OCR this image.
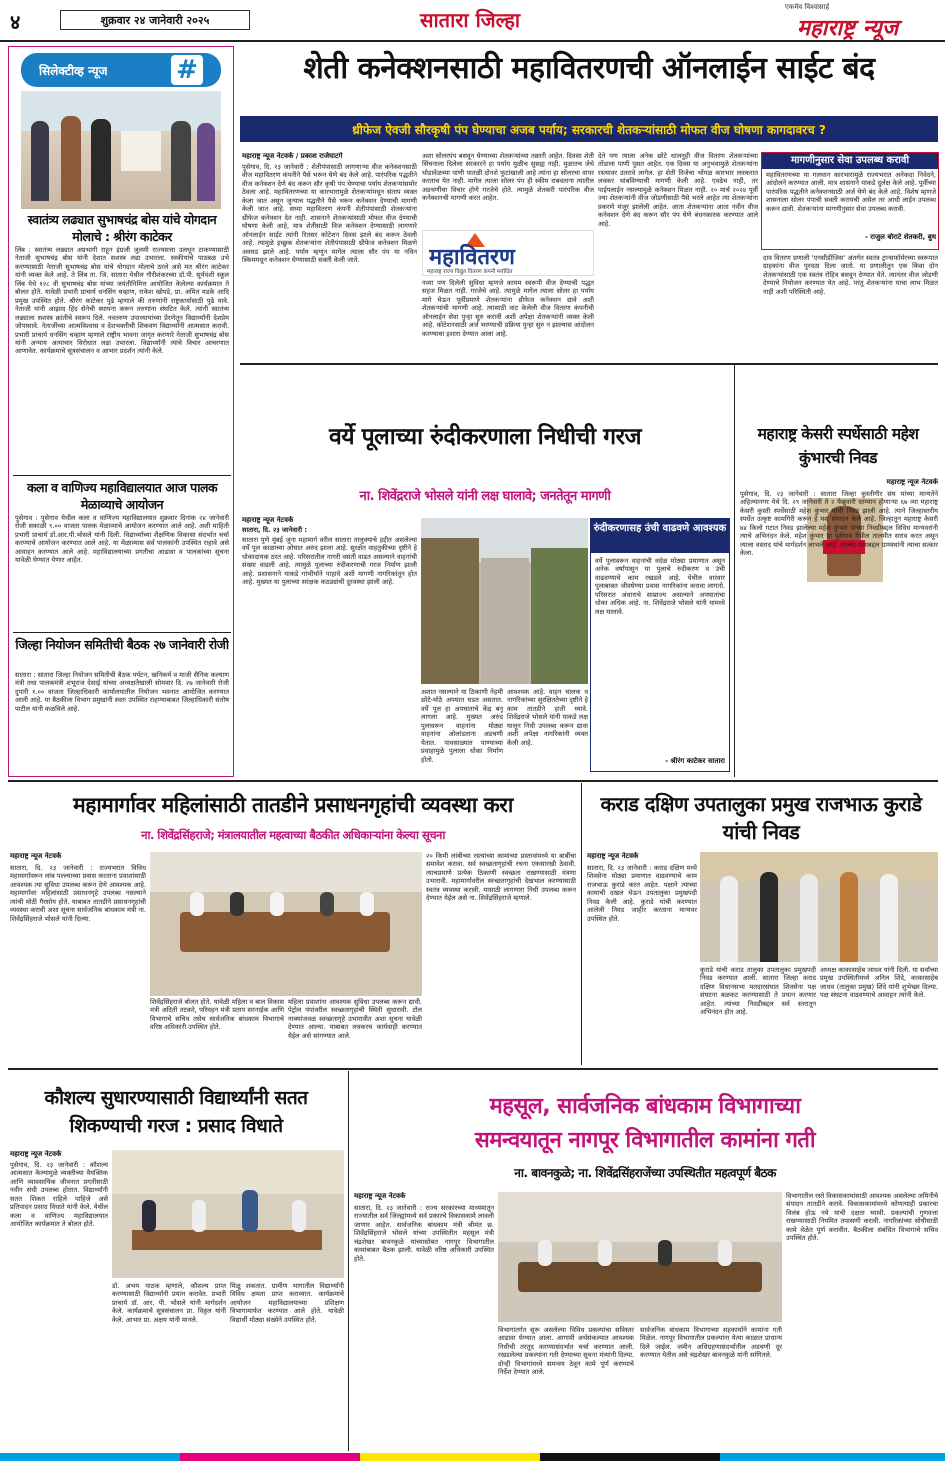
४	शुक्रवार २४ जानेवारी २०२५	सातारा जिल्हा
एकमेव विश्वासार्ह
महाराष्ट्र न्यूज
सिलेक्टीव्ह न्यूज	#
स्वातंत्र्य लढ्यात सुभाषचंद्र बोस यांचे योगदान मोलाचे : श्रीरंग काटेकर
लिंब : स्वातंत्र्य लढ्यात अग्रभागी राहून इंग्रजी जुलमी राज्यसत्ता उलथून टाकण्यासाठी नेताजी सुभाषचंद्र बोस यांनी देशात सशस्त्र लढा उभारला. स्वकीयांचे पाठबळ उभे करण्यासाठी नेताजी सुभाषचंद्र बोस यांचे योगदान मोलाचे ठरले असे मत श्रीरंग काटेकर यांनी व्यक्त केले आहे. ते लिंब ता. जि. सातारा येथील गौरीशंकरच्या डॉ.पी. सूर्यवंशी स्कूल लिंब येथे १२८ वी सुभाषचंद्र बोस यांच्या जयंतीनिमित्त आयोजित केलेल्या कार्यक्रमात ते बोलत होते. यावेळी प्रभारी प्राचार्य धनसिंग चव्हाण, राकेश खोपडे, प्रा. अमित मडके आदि प्रमुख उपस्थित होते. श्रीरंग काटेकर पुढे म्हणाले की तरुणांनी राष्ट्रकार्यासाठी पुढे यावे. नेताजी यांनी आझाद हिंद सेनेची स्थापना करून तरुणांना संघटित केले. त्यांनी स्वातंत्र्य लढ्याला सशस्त्र क्रांतीचे स्वरूप दिले. नवतरुण उपाध्यायांच्या प्रेरणेतून विद्यार्थ्यांनी देशप्रेम जोपासावे. नेताजींच्या आत्मविश्वास व देशभक्तीची शिकवण विद्यार्थ्यांनी आत्मसात करावी. प्रभारी प्राचार्य धनसिंग चव्हाण म्हणाले राष्ट्रीय भावना जागृत करणारे नेताजी सुभाषचंद्र बोस यांनी अन्याय अत्याचार विरोधात लढा उभारला. विद्यार्थ्यांनी त्यांचे विचार आचरणात आणावेत. कार्यक्रमाचे सूत्रसंचालन व आभार प्रदर्शन त्यांनी केले.
कला व वाणिज्य महाविद्यालयात आज पालक मेळाव्याचे आयोजन
पुसेगाव : पुसेगाव येथील कला व वाणिज्य महाविद्यालयात शुक्रवार दिनांक २४ जानेवारी रोजी सकाळी ९.०० वाजता पालक मेळाव्याचे आयोजन करण्यात आले आहे. अशी माहिती प्रभारी प्राचार्य डॉ.आर.पी.भोसले यांनी दिली. विद्यार्थ्यांच्या शैक्षणिक विकासा संदर्भात चर्चा करण्याचे आयोजन करण्यात आले आहे. या मेळाव्यास सर्व पालकांनी उपस्थित राहावे असे आवाहन करण्यात आले आहे. महाविद्यालयाच्या प्रगतीचा आढावा व पालकांच्या सूचना यावेळी घेण्यात येणार आहेत.
जिल्हा नियोजन समितीची बैठक २७ जानेवारी रोजी
सातारा : सातारा जिल्हा नियोजन समितीची बैठक पर्यटन, खनिकर्म व माजी सैनिक कल्याण मंत्री तथा पालकमंत्री शंभूराज देसाई यांच्या अध्यक्षतेखाली सोमवार दि. २७ जानेवारी रोजी दुपारी १.०० वाजता जिल्हाधिकारी कार्यालयातील नियोजन भवनात आयोजित करण्यात आली आहे. या बैठकीला विभाग प्रमुखांनी स्वतः उपस्थित राहण्याबाबत जिल्हाधिकारी संतोष पाटील यांनी कळविले आहे.
शेती कनेक्शनसाठी महावितरणची ऑनलाईन साईट बंद
थ्रीफेज ऐवजी सौरकृषी पंप घेण्याचा अजब पर्याय; सरकारची शेतकऱ्यांसाठी मोफत वीज घोषणा कागदावरच ?
महाराष्ट्र न्यूज नेटवर्क / प्रकाश राजेघाटगे
पुसेगाव, दि. २३ जानेवारी : शेतीपंपासाठी लागणाऱ्या वीज कनेक्शनसाठी वीज महावितरण कंपनीने पैसे भरून घेणे बंद केले आहे. पारंपरिक पद्धतीने वीज कनेक्शन देणे बंद करून सौर कृषी पंप घेण्याचा पर्याय शेतकऱ्यांसमोर ठेवला आहे. महावितरणच्या या कारभारामुळे शेतकऱ्यांमधून संताप व्यक्त केला जात असून जुन्याच पद्धतीने पैसे भरून कनेक्शन देण्याची मागणी केली जात आहे. सध्या महावितरण कंपनी शेतीपंपासाठी शेतकऱ्यांना थ्रीफेज कनेक्शन देत नाही. शासनाने शेतकऱ्यांसाठी मोफत वीज देण्याची घोषणा केली आहे, मात्र शेतीसाठी विज कनेक्शन देण्यासाठी लागणारे ऑनलाईन साईट त्यांनी रितसर कोटेशन दिवस झाले बंद करून ठेवली आहे. त्यामुळे इच्छुक शेतकऱ्यांना शेतीपंपासाठी थ्रीफेज कनेक्शन मिळणे अवघड झाले आहे. पर्याय म्हणून मागेल त्याला सौर पंप या नविन स्किममधून कनेक्शन घेण्यासाठी सक्ती केली जाते.
अशा सोलरपंप बसवून घेण्याच्या शेतकऱ्यांच्या तक्रारी आहेत. दिवसा शेती सिंचनाला दिलेला सरकारने हा पर्याय मुळीच सुसह्य नाही. मुळातच जेथे थोडावेळच्या पाणी पातळी दोनशे फुटांखाली आहे त्यांना हा सोलरचा वापर करताच येत नाही. मागेल त्याला सोलर पंप ही स्कीम राबवताना त्यातील अडचणींचा विचार होणे गरजेचे होते. त्यामुळे शेतकरी पारंपरिक वीज कनेक्शनची मागणी करत आहेत.
महावितरण
महाराष्ट्र राज्य विद्युत वितरण कंपनी मर्यादित
नव्या पण दिलेली सुविधा म्हणजे कायम स्वरूपी वीज देण्याची पद्धत सहज मिळत नाही. गरजेचे आहे. त्यामुळे मागेल त्याला सोलर हा पर्याय मागे घेऊन पूर्वीप्रमाणे शेतकऱ्यांना थ्रीफेज कनेक्शन द्यावे अशी शेतकऱ्यांची मागणी आहे. त्यासाठी वाट केलेली वीज वितरण कंपनीची ऑनलाईन सेवा पुन्हा सुरु करावी अशी अपेक्षा शेतकऱ्यांनी व्यक्त केली आहे. कोटेशनसाठी अर्ज भरण्याची प्रक्रिया पुन्हा सुरु न झाल्यास आंदोलन करण्याचा इशारा देण्यात आला आहे.
देते पण त्याला अनेक छोटे धालनुही वीज वितरण शेतकऱ्यांच्या तोंडाला पाणी पुसत आहेत. एक दिवस या अनुभवामुळे शेतकऱ्यांना रस्त्यावर उतरावे लागेल. हा शेती विजेचा भोंगळ कारभार लवकरात लवकर थांबविण्याची मागणी केली आहे. एवढेच नाही, तर पाईपलाईन नसल्यामुळे कनेक्शन मिळत नाही. २० मार्च २०२४ पूर्वी ज्या शेतकऱ्यांनी वीज जोडणीसाठी पैसे भरले आहेत त्या शेतकऱ्यांना प्रकरणे मंजूर झालेली आहेत. आता शेतकऱ्यांना आता नवीन वीज कनेक्शन देणे बंद करून सौर पंप घेणे बंधनकारक करण्यात आले आहे.
मागणीनुसार सेवा उपलब्ध करावी
महावितरणच्या या गलथान कारभारामुळे राज्यभरात अनेकदा निवेदने, आंदोलने करण्यात आली. मात्र शासनाने याकडे दुर्लक्ष केले आहे. पूर्वीच्या पारंपरिक पद्धतीने कनेक्शनसाठी अर्ज घेणे बंद केले आहे. विशेष म्हणजे शासनाला सोलर पंपाची सक्ती करायची असेल तर आधी लाईन उपलब्ध करून द्यावी. शेतकऱ्यांना मागणीनुसार सेवा उपलब्ध करावी.
- राजुल बोराटे शेतकरी, बुध
दाव वितरण प्रणाली 'एनसीडीजिस' अंतर्गत स्वतंत्र ट्रान्सफॉर्मरच्या स्वरूपात ग्राहकांना वीज पुरवठा दिला जातो. या प्रणालीतून एक किंवा दोन शेतकऱ्यांसाठी एक स्वतंत्र रोहित्र बसवून देण्यात येते. त्यानंतर वीज जोडणी देण्याचे नियोजन करण्यात येत आहे. परंतु शेतकऱ्यांना याचा लाभ मिळत नाही अशी परिस्थिती आहे.
वर्ये पूलाच्या रुंदीकरणाला निधीची गरज
ना. शिवेंद्रराजे भोसले यांनी लक्ष घालावे; जनतेतून मागणी
महाराष्ट्र न्यूज नेटवर्क
सातारा, दि. २३ जानेवारी :
सातारा पुणे मुंबई जुना महामार्ग वरील सातारा तालुक्याचे हद्दीत असलेल्या वर्ये पूल काळाच्या ओघात अरुंद झाला आहे. सुरक्षेत वाहतुकीच्या दृष्टीने हे धोकादायक ठरत आहे. परिसरातील नागरी वसती वाढत असल्याने वाहनांची संख्या वाढली आहे. त्यामुळे पूलाच्या रुंदीकरणाची गरज निर्माण झाली आहे. प्रशासनाने याकडे गांभीर्याने पाहावे अशी मागणी नागरिकांतून होत आहे. मुख्यत या पुलाच्या सरंक्षक कठड्यांची दुरवस्था झाली आहे.
रुंदीकरणासह उंची वाढवणे आवश्यक
वर्ये पुलावरून वाहनांची वर्दळ मोठ्या प्रमाणात असून अनेक वर्षांपासून या पुलाचे रुंदीकरण व उंची वाढवण्याचे काम रखडले आहे. येथील वारंवार पुलाबाबत जीवघेण्या प्रवास नागरिकांना करावा लागतो. परिसरात अंधाराचे साम्राज्य असल्याने अपघातांचा धोका अधिक आहे. ना. शिवेंद्रराजे भोसले यांनी यामध्ये लक्ष घालावे.
- श्रीरंग काटेकर सातारा
अशात नसल्याने या ठिकाणी नेहमी छोटे-मोठे अपघात घडत असतात. वर्ये पूल हा अपघाताचे केंद्र बनू लागला आहे. मुख्यत अरुंद पुलावरून वाहनांना मोठ्या वाहनांना ओलांडताना अडचणी येतात. पावसाळ्यात पाण्याच्या प्रवाहामुळे पुलाला धोका निर्माण होतो.
आवश्यक आहे. वाहन चालक व नागरिकांच्या सुरक्षिततेच्या दृष्टीने हे काम तातडीने हाती घ्यावे. शिवेंद्रराजे भोसले यांनी याकडे लक्ष घालून निधी उपलब्ध करून द्यावा अशी अपेक्षा नागरिकांनी व्यक्त केली आहे.
महाराष्ट्र केसरी स्पर्धेसाठी महेश कुंभारची निवड
महाराष्ट्र न्यूज नेटवर्क
पुसेगाव, दि. २३ जानेवारी : सातारा जिल्हा कुस्तीगीर संघ यांच्या मान्यतेने अहिल्यानगर येथे दि. २९ जानेवारी ते २ फेब्रुवारी दरम्यान होणाऱ्या ६७ व्या महाराष्ट्र केसरी कुस्ती स्पर्धेसाठी महेश कुंभार यांची निवड झाली आहे. त्याने जिल्हास्तरीय स्पर्धेत उत्कृष्ट कामगिरी करून हे यश संपादन केले आहे. जिल्हातून महाराष्ट्र केसरी ७४ किलो गटात निवड झालेल्या महेश कुंभार यांच्या निवडीबद्दल विविध मान्यवरांनी त्याचे अभिनंदन केले. महेश कुंभार हा पुसेगाव येथील तालमीत सराव करत असून त्याला वस्ताद यांचे मार्गदर्शन लाभले आहे. त्याच्या यशाबद्दल ग्रामस्थांनी त्याचा सत्कार केला.
महामार्गावर महिलांसाठी तातडीने प्रसाधनगृहांची व्यवस्था करा
ना. शिवेंद्रसिंहराजे; मंत्रालयातील महत्वाच्या बैठकीत अधिकाऱ्यांना केल्या सूचना
महाराष्ट्र न्यूज नेटवर्क
सातारा, दि. २३ जानेवारी : राज्यभरात विविध महामार्गांवरून लांब पल्ल्याच्या प्रवास करताना प्रवाशांसाठी आवश्यक त्या सुविधा उपलब्ध करून देणे आवश्यक आहे. महामार्गांवर महिलांसाठी प्रसाधनगृहे उपलब्ध नसल्याने त्यांची मोठी गैरसोय होते. याबाबत तातडीने प्रसाधनगृहांची व्यवस्था करावी अशा सूचना सार्वजनिक बांधकाम मंत्री ना. शिवेंद्रसिंहराजे भोसले यांनी दिल्या.
शिवेंद्रसिंहराजे बोलत होते. यावेळी महिला व बाल विकास मंत्री अदिती तटकरे, परिवहन मंत्री प्रताप सरनाईक आणि विभागाचे सचिव तसेच सार्वजनिक बांधकाम विभागाचे वरिष्ठ अधिकारी उपस्थित होते.
महिला प्रवाशांना आवश्यक सुविधा उपलब्ध करून द्यावी. पेट्रोल पंपांवरील स्वच्छतागृहांची स्थिती सुधारावी. टोल नाक्यांजवळ स्वच्छतागृहे उभारावीत अशा सूचना यावेळी देण्यात आल्या. याबाबत लवकरच कार्यवाही करण्यात येईल असे सांगण्यात आले.
२० किमी लांबीच्या रस्त्यांच्या कामांच्या प्रस्तावांमध्ये या बाबींचा समावेश करावा. सर्व स्वच्छतागृहांची रचना एकसारखी ठेवावी. त्याचप्रमाणे प्रत्येक ठिकाणी स्वच्छता राखण्यासाठी यंत्रणा उभारावी. महामार्गावरील स्वच्छतागृहांची देखभाल करण्यासाठी स्वतंत्र व्यवस्था करावी. यासाठी लागणारा निधी उपलब्ध करून देण्यात येईल असे ना. शिवेंद्रसिंहराजे म्हणाले.
कराड दक्षिण उपतालुका प्रमुख राजभाऊ कुराडे यांची निवड
महाराष्ट्र न्यूज नेटवर्क
सातारा, दि. २३ जानेवारी : कराड दक्षिण मध्ये शिवसेना मोठ्या प्रमाणात वाढवण्याचे काम राजभाऊ कुराडे करत आहेत. पक्षाने त्यांच्या कामाची दखल घेऊन उपतालुका प्रमुखपदी निवड केली आहे. कुराडे यांची करण्यात आलेली निवड जाहीर करताना मान्यवर उपस्थित होते.
कुराडे यांची कराड तालुका उपतालुका प्रमुखपदी निवड करण्यात आली. सातारा जिल्हा कराड दक्षिण विधानसभा मतदारसंघात शिवसेना पक्ष संघटना बळकट करण्यासाठी ते प्रयत्न करणार आहेत. त्यांच्या निवडीबद्दल सर्व स्तरातून अभिनंदन होत आहे.
अध्यक्ष काकासाहेब जाधव यांनी दिली. या सर्वांच्या प्रमुख उपस्थितीमध्ये अनिल शिंदे, काकासाहेब जाधव (तालुका प्रमुख) शिंदे यांनी शुभेच्छा दिल्या. पक्ष संघटना वाढवण्याचे आवाहन त्यांनी केले.
कौशल्य सुधारण्यासाठी विद्यार्थ्यांनी सतत शिकण्याची गरज : प्रसाद विधाते
महाराष्ट्र न्यूज नेटवर्क
पुसेगाव, दि. २३ जानेवारी : कौशल्य आत्मसात केल्यामुळे व्यक्तीच्या वैयक्तिक आणि व्यावसायिक जीवनात प्रगतीसाठी नवीन संधी उपलब्ध होतात. विद्यार्थ्यांनी सतत शिकत राहिले पाहिजे असे प्रतिपादन प्रसाद विधाते यांनी केले. येथील कला व वाणिज्य महाविद्यालयात आयोजित कार्यक्रमात ते बोलत होते.
डॉ. अभय पाठक म्हणाले, कौशल्य प्राप्त करण्यासाठी विद्यार्थ्यांनी प्रयत्न करावेत. प्रभारी प्राचार्य डॉ. आर. पी. भोसले यांनी मार्गदर्शन केले. कार्यक्रमाचे सूत्रसंचालन प्रा. विठ्ठल यांनी केले. आभार प्रा. अक्षय यांनी मानले.
मिळू शकतात. ग्रामीण भागातील विद्यार्थ्यांनी विविध क्षमता प्राप्त कराव्यात. कार्यक्रमाचे आयोजन महाविद्यालयाच्या प्रशिक्षण विभागामार्फत करण्यात आले होते. यावेळी विद्यार्थी मोठ्या संख्येने उपस्थित होते.
महसूल, सार्वजनिक बांधकाम विभागाच्या
समन्वयातून नागपूर विभागातील कामांना गती
ना. बावनकुळे; ना. शिवेंद्रसिंहराजेंच्या उपस्थितीत महत्वपूर्ण बैठक
महाराष्ट्र न्यूज नेटवर्क
सातारा, दि. २३ जानेवारी : राज्य सरकारच्या माध्यमातून राज्यातील सर्व जिल्ह्यांमध्ये सर्व प्रकारचे विकासकामे लावली जाणार आहेत. सार्वजनिक बांधकाम मंत्री श्रीमंत छ. शिवेंद्रसिंहराजे भोसले यांच्या उपस्थितीत महसूल मंत्री चंद्रशेखर बावनकुळे यांच्यासोबत नागपूर विभागातील कामांबाबत बैठक झाली. यावेळी वरिष्ठ अधिकारी उपस्थित होते.
विभागांतर्गत सुरू असलेल्या विविध प्रकल्पांचा सविस्तर आढावा घेण्यात आला. आगामी अर्थसंकल्पात आवश्यक निधीची तरतूद करण्यासंदर्भात चर्चा करण्यात आली. रखडलेल्या प्रकल्पांना गती देण्याच्या सूचना मंत्र्यांनी दिल्या. दोन्ही विभागांमध्ये समन्वय ठेवून कामे पूर्ण करण्याचे निर्देश देण्यात आले.
सार्वजनिक बांधकाम विभागाच्या सहकार्याने कामांना गती मिळेल. नागपूर विभागातील प्रकल्पांना येत्या काळात प्राधान्य दिले जाईल. जमीन अधिग्रहणासंदर्भातील अडचणी दूर करण्यात येतील असे चंद्रशेखर बावनकुळे यांनी सांगितले.
विभागातील रस्ते विकासकामांसाठी आवश्यक असलेल्या जमिनीचे संपादन तातडीने करावे. विकासकामांमध्ये कोणत्याही प्रकारचा विलंब होऊ नये याची दक्षता घ्यावी. प्रकल्पांची गुणवत्ता राखण्यासाठी नियमित तपासणी करावी. नागरिकांच्या सोयीसाठी कामे वेळेत पूर्ण करावीत. बैठकीला संबंधित विभागाचे सचिव उपस्थित होते.
